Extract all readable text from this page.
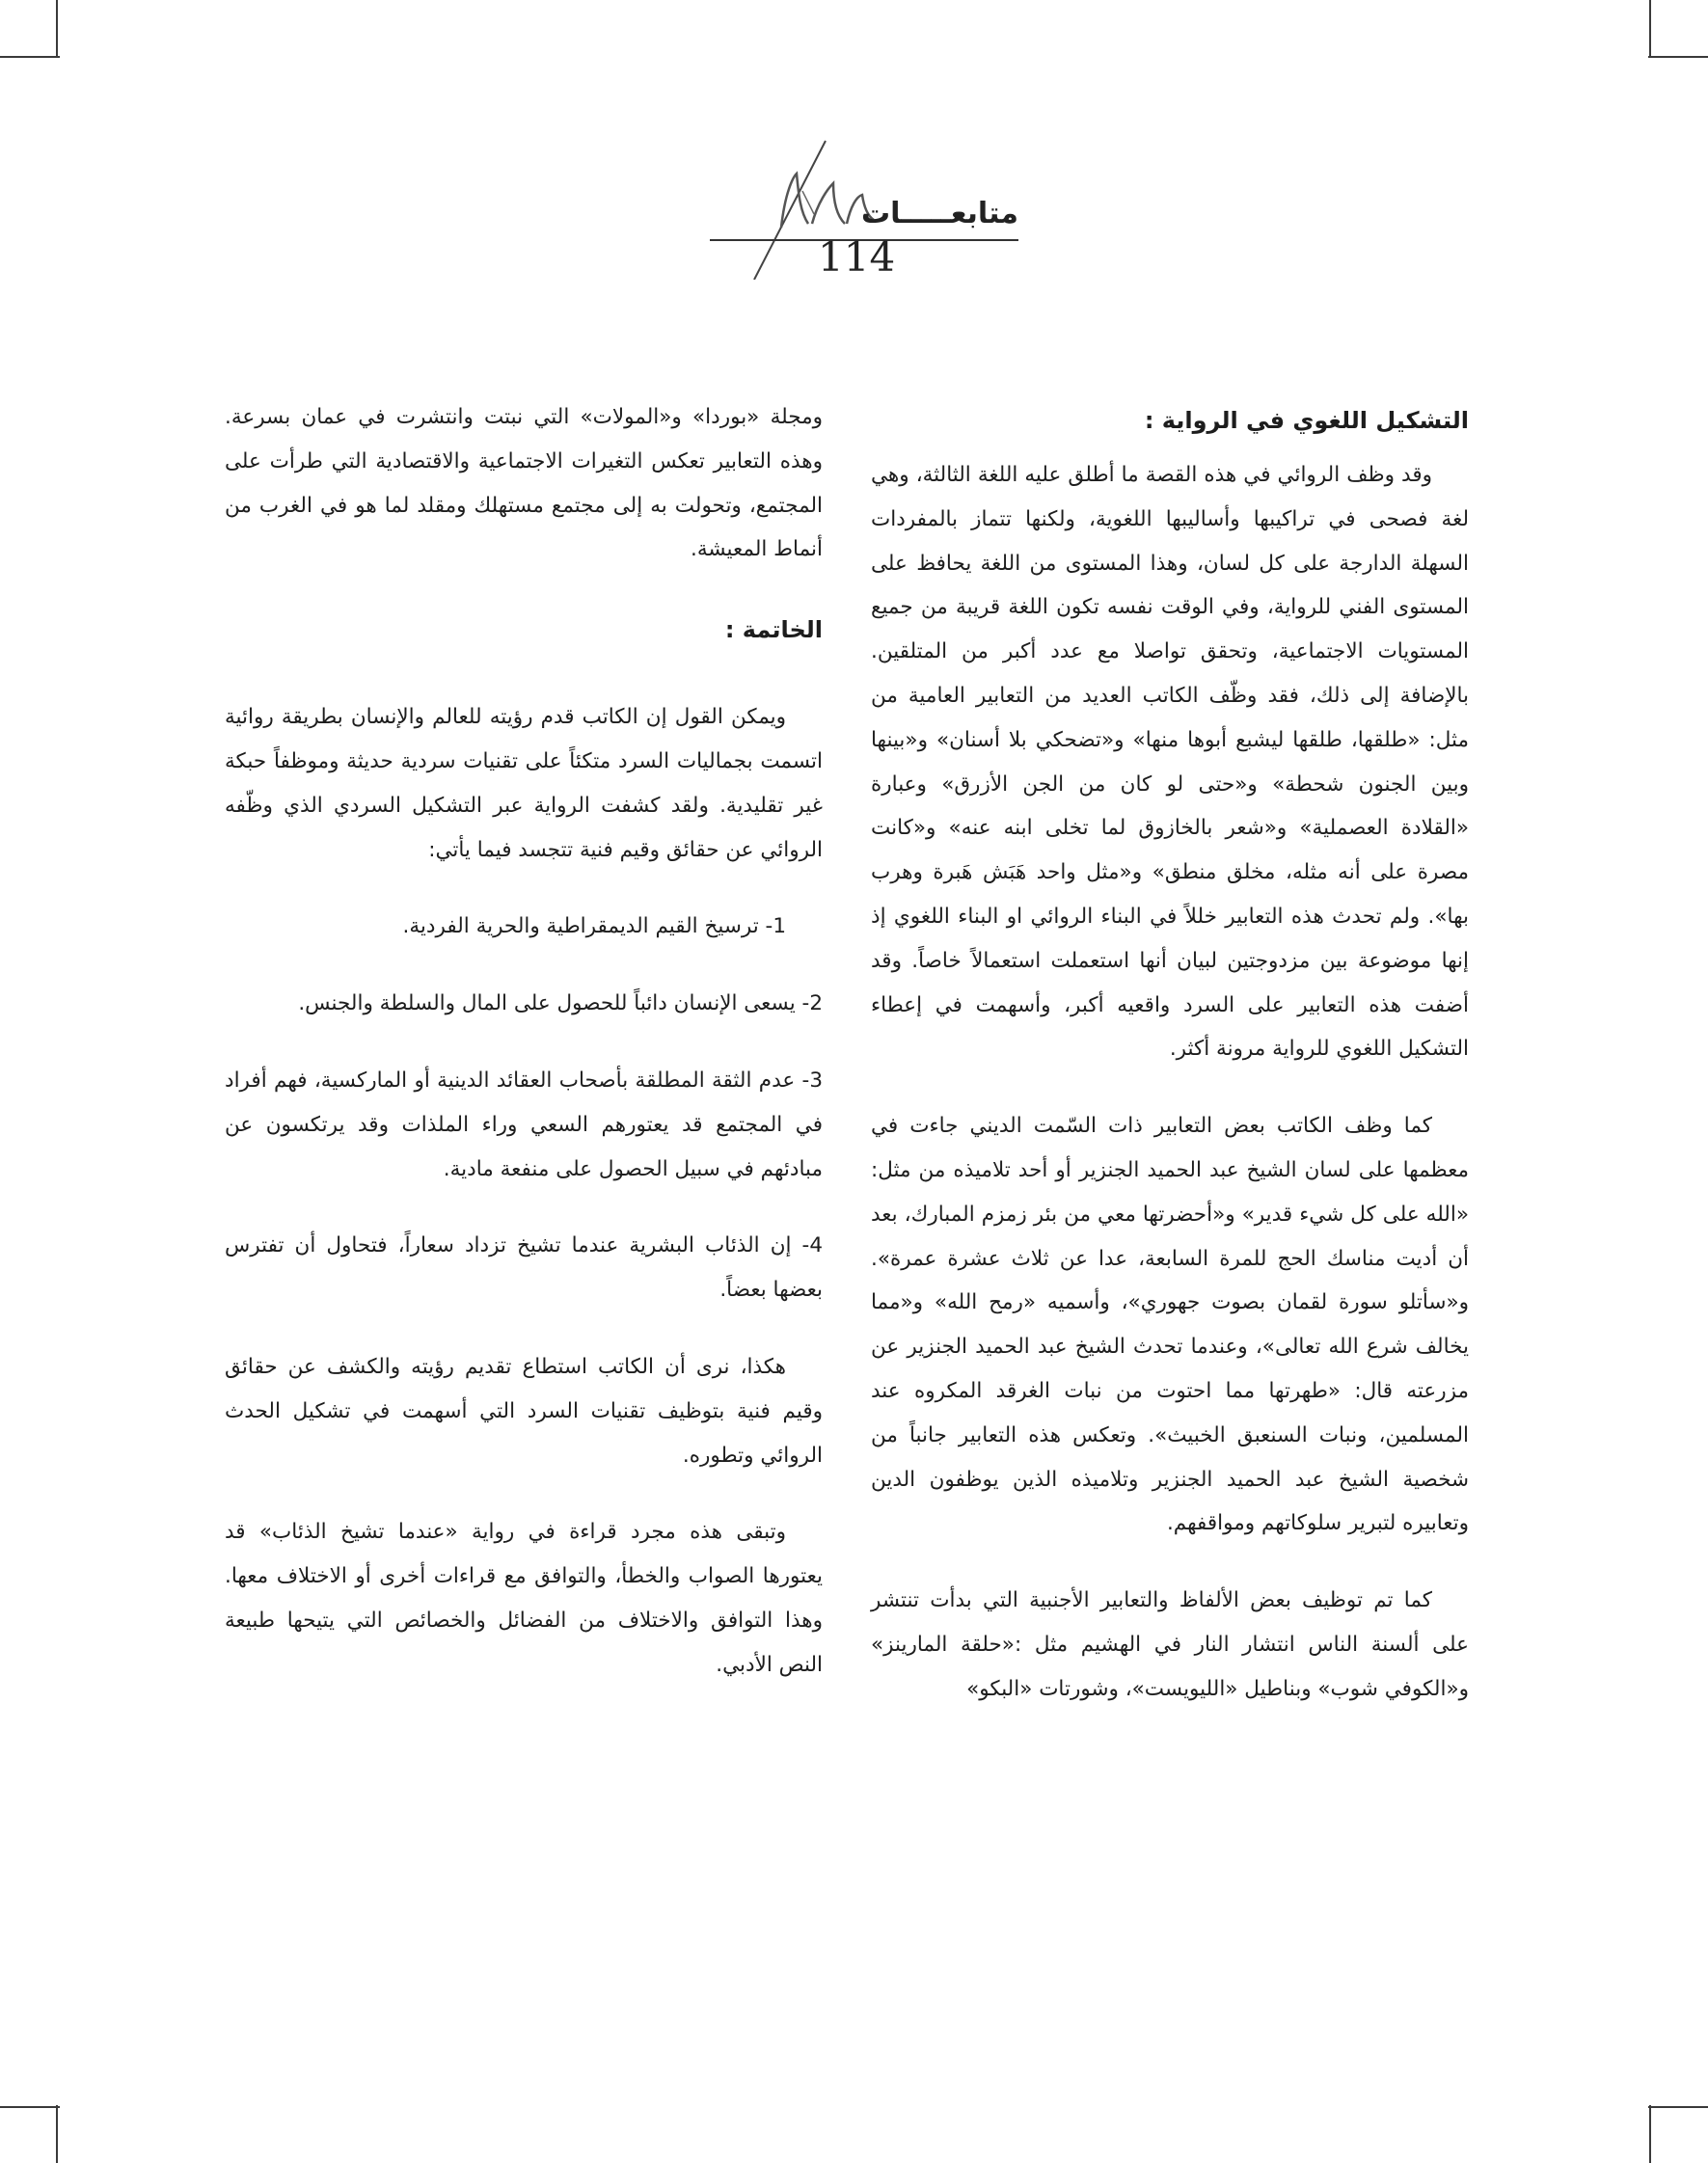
متابعـــــات
114
التشكيل اللغوي في الرواية :

وقد وظف الروائي في هذه القصة ما أطلق عليه اللغة الثالثة، وهي لغة فصحى في تراكيبها وأساليبها اللغوية، ولكنها تتماز بالمفردات السهلة الدارجة على كل لسان، وهذا المستوى من اللغة يحافظ على المستوى الفني للرواية، وفي الوقت نفسه تكون اللغة قريبة من جميع المستويات الاجتماعية، وتحقق تواصلا مع عدد أكبر من المتلقين. بالإضافة إلى ذلك، فقد وظّف الكاتب العديد من التعابير العامية من مثل: «طلقها، طلقها ليشبع أبوها منها» و«تضحكي بلا أسنان» و«بينها وبين الجنون شحطة» و«حتى لو كان من الجن الأزرق» وعبارة «القلادة العصملية» و«شعر بالخازوق لما تخلى ابنه عنه» و«كانت مصرة على أنه مثله، مخلق منطق» و«مثل واحد هَبَش هَبرة وهرب بها». ولم تحدث هذه التعابير خللاً في البناء الروائي او البناء اللغوي إذ إنها موضوعة بين مزدوجتين لبيان أنها استعملت استعمالاً خاصاً. وقد أضفت هذه التعابير على السرد واقعيه أكبر، وأسهمت في إعطاء التشكيل اللغوي للرواية مرونة أكثر.

كما وظف الكاتب بعض التعابير ذات السّمت الديني جاءت في معظمها على لسان الشيخ عبد الحميد الجنزير أو أحد تلاميذه من مثل: «الله على كل شيء قدير» و«أحضرتها معي من بئر زمزم المبارك، بعد أن أديت مناسك الحج للمرة السابعة، عدا عن ثلاث عشرة عمرة». و«سأتلو سورة لقمان بصوت جهوري»، وأسميه «رمح الله» و«مما يخالف شرع الله تعالى»، وعندما تحدث الشيخ عبد الحميد الجنزير عن مزرعته قال: «طهرتها مما احتوت من نبات الغرقد المكروه عند المسلمين، ونبات السنعبق الخبيث». وتعكس هذه التعابير جانباً من شخصية الشيخ عبد الحميد الجنزير وتلاميذه الذين يوظفون الدين وتعابيره لتبرير سلوكاتهم ومواقفهم.

كما تم توظيف بعض الألفاظ والتعابير الأجنبية التي بدأت تنتشر على ألسنة الناس انتشار النار في الهشيم مثل :«حلقة المارينز» و«الكوفي شوب» وبناطيل «الليويست»، وشورتات «البكو»

ومجلة «بوردا» و«المولات» التي نبتت وانتشرت في عمان بسرعة. وهذه التعابير تعكس التغيرات الاجتماعية والاقتصادية التي طرأت على المجتمع، وتحولت به إلى مجتمع مستهلك ومقلد لما هو في الغرب من أنماط المعيشة.

الخاتمة :

ويمكن القول إن الكاتب قدم رؤيته للعالم والإنسان بطريقة روائية اتسمت بجماليات السرد متكئاً على تقنيات سردية حديثة وموظفاً حبكة غير تقليدية. ولقد كشفت الرواية عبر التشكيل السردي الذي وظّفه الروائي عن حقائق وقيم فنية تتجسد فيما يأتي:

1- ترسيخ القيم الديمقراطية والحرية الفردية.

2- يسعى الإنسان دائباً للحصول على المال والسلطة والجنس.

3- عدم الثقة المطلقة بأصحاب العقائد الدينية أو الماركسية، فهم أفراد في المجتمع قد يعتورهم السعي وراء الملذات وقد يرتكسون عن مبادئهم في سبيل الحصول على منفعة مادية.

4- إن الذئاب البشرية عندما تشيخ تزداد سعاراً، فتحاول أن تفترس بعضها بعضاً.

هكذا، نرى أن الكاتب استطاع تقديم رؤيته والكشف عن حقائق وقيم فنية بتوظيف تقنيات السرد التي أسهمت في تشكيل الحدث الروائي وتطوره.

وتبقى هذه مجرد قراءة في رواية «عندما تشيخ الذئاب» قد يعتورها الصواب والخطأ، والتوافق مع قراءات أخرى أو الاختلاف معها. وهذا التوافق والاختلاف من الفضائل والخصائص التي يتيحها طبيعة النص الأدبي.
